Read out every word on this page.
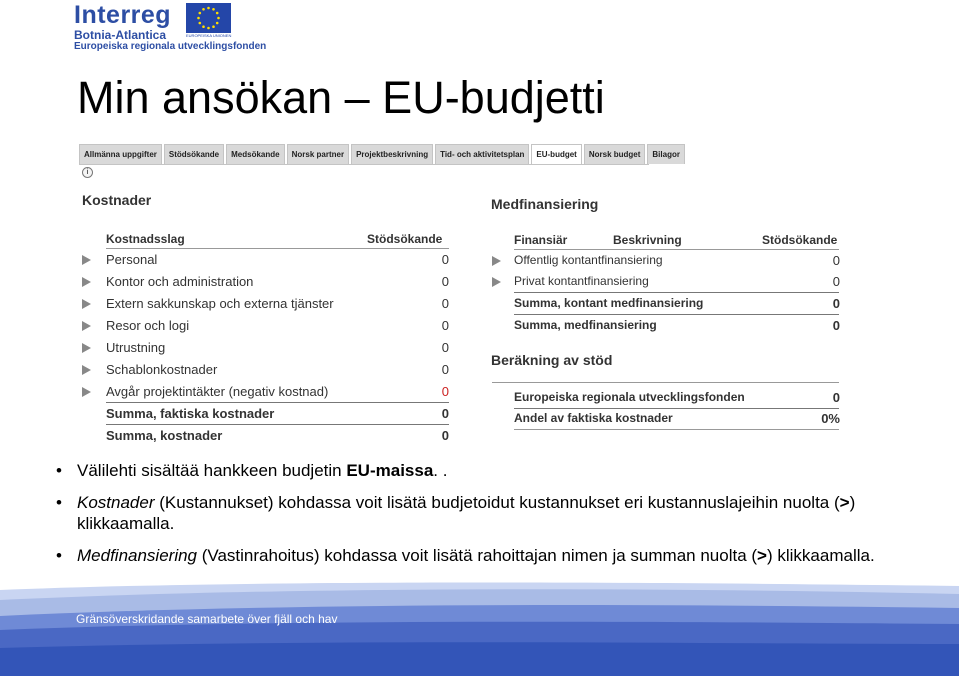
Interreg
Botnia-Atlantica
Europeiska regionala utvecklingsfonden
EUROPEISKA UNIONEN
Min ansökan – EU-budjetti
Allmänna uppgifter	Stödsökande	Medsökande	Norsk partner	Projektbeskrivning	Tid- och aktivitetsplan	EU-budget	Norsk budget	Bilagor
i
Kostnader
Kostnadsslag	Stödsökande
Personal	0
Kontor och administration	0
Extern sakkunskap och externa tjänster	0
Resor och logi	0
Utrustning	0
Schablonkostnader	0
Avgår projektintäkter (negativ kostnad)	0
Summa, faktiska kostnader	0
Summa, kostnader	0
Medfinansiering
Finansiär	Beskrivning	Stödsökande
Offentlig kontantfinansiering	0
Privat kontantfinansiering	0
Summa, kontant medfinansiering	0
Summa, medfinansiering	0
Beräkning av stöd
Europeiska regionala utvecklingsfonden	0
Andel av faktiska kostnader	0%
• Välilehti sisältää hankkeen budjetin EU-maissa. .
• Kostnader (Kustannukset) kohdassa voit lisätä budjetoidut kustannukset eri kustannuslajeihin nuolta (>) klikkaamalla.
• Medfinansiering (Vastinrahoitus) kohdassa voit lisätä rahoittajan nimen ja summan nuolta (>) klikkaamalla.
Gränsöverskridande samarbete över fjäll och hav
